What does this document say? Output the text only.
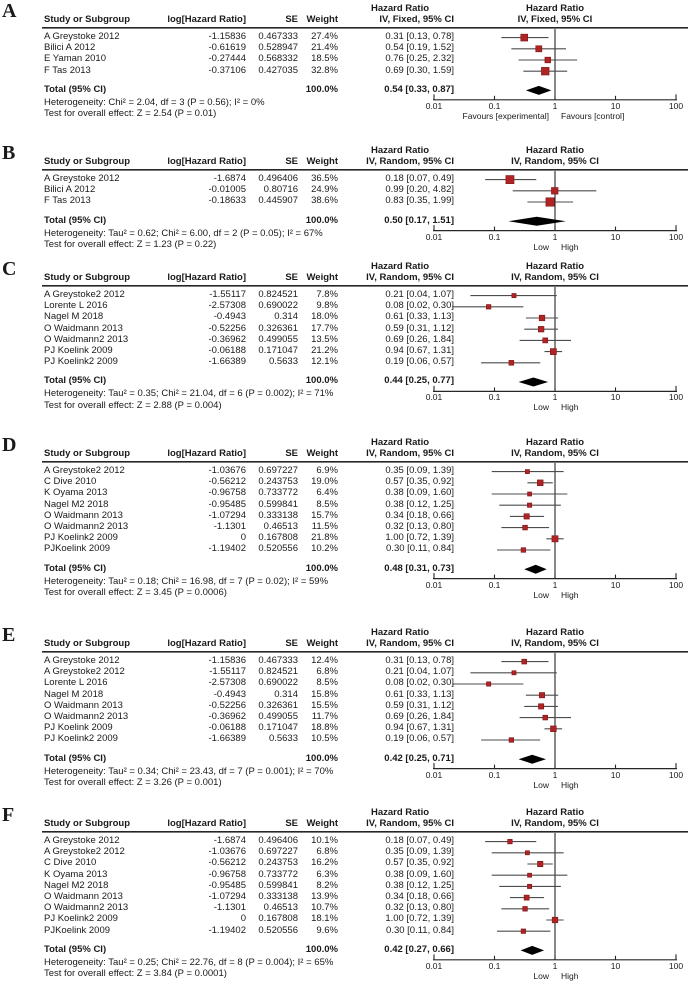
A	Hazard Ratio	Hazard Ratio
Study or Subgroup	log[Hazard Ratio]	SE Weight	IV, Fixed, 95% CI	IV, Fixed, 95% CI
A Greystoke 2012	-1.15836	0.467333	27.4%	0.31 [0.13, 0.78]
Bilici A 2012	-0.61619	0.528947	21.4%	0.54 [0.19, 1.52]
E Yaman 2010	-0.27444	0.568332	18.5%	0.76 [0.25, 2.32]
F Tas 2013	-0.37106	0.427035	32.8%	0.69 [0.30, 1.59]
Total (95% CI)	100.0%	0.54 [0.33, 0.87]
Heterogeneity: Chi² = 2.04, df = 3 (P = 0.56); I² = 0%
Test for overall effect: Z = 2.54 (P = 0.01)
0.01	0.1	1	10	100
Favours [experimental] Favours [control]
B	Hazard Ratio	Hazard Ratio
Study or Subgroup	log[Hazard Ratio]	SE Weight	IV, Random, 95% CI	IV, Random, 95% CI
A Greystoke 2012	-1.6874	0.496406	36.5%	0.18 [0.07, 0.49]
Bilici A 2012	-0.01005	0.80716	24.9%	0.99 [0.20, 4.82]
F Tas 2013	-0.18633	0.445907	38.6%	0.83 [0.35, 1.99]
Total (95% CI)	100.0%	0.50 [0.17, 1.51]
Heterogeneity: Tau² = 0.62; Chi² = 6.00, df = 2 (P = 0.05); I² = 67%
Test for overall effect: Z = 1.23 (P = 0.22)
0.01	0.1	1	10	100
Low High
C	Hazard Ratio	Hazard Ratio
Study or Subgroup	log[Hazard Ratio]	SE Weight	IV, Random, 95% CI	IV, Random, 95% CI
A Greystoke2 2012	-1.55117	0.824521	7.8%	0.21 [0.04, 1.07]
Lorente L 2016	-2.57308	0.690022	9.8%	0.08 [0.02, 0.30]
Nagel M 2018	-0.4943	0.314	18.0%	0.61 [0.33, 1.13]
O Waidmann 2013	-0.52256	0.326361	17.7%	0.59 [0.31, 1.12]
O Waidmann2 2013	-0.36962	0.499055	13.5%	0.69 [0.26, 1.84]
PJ Koelink 2009	-0.06188	0.171047	21.2%	0.94 [0.67, 1.31]
PJ Koelink2 2009	-1.66389	0.5633	12.1%	0.19 [0.06, 0.57]
Total (95% CI)	100.0%	0.44 [0.25, 0.77]
Heterogeneity: Tau² = 0.35; Chi² = 21.04, df = 6 (P = 0.002); I² = 71%
Test for overall effect: Z = 2.88 (P = 0.004)
0.01	0.1	1	10	100
Low High
D	Hazard Ratio	Hazard Ratio
Study or Subgroup	log[Hazard Ratio]	SE Weight	IV, Random, 95% CI	IV, Random, 95% CI
A Greystoke2 2012	-1.03676	0.697227	6.9%	0.35 [0.09, 1.39]
C Dive 2010	-0.56212	0.243753	19.0%	0.57 [0.35, 0.92]
K Oyama 2013	-0.96758	0.733772	6.4%	0.38 [0.09, 1.60]
Nagel M2 2018	-0.95485	0.599841	8.5%	0.38 [0.12, 1.25]
O Waidmann 2013	-1.07294	0.333138	15.7%	0.34 [0.18, 0.66]
O Waidmann2 2013	-1.1301	0.46513	11.5%	0.32 [0.13, 0.80]
PJ Koelink2 2009	0	0.167808	21.8%	1.00 [0.72, 1.39]
PJKoelink 2009	-1.19402	0.520556	10.2%	0.30 [0.11, 0.84]
Total (95% CI)	100.0%	0.48 [0.31, 0.73]
Heterogeneity: Tau² = 0.18; Chi² = 16.98, df = 7 (P = 0.02); I² = 59%
Test for overall effect: Z = 3.45 (P = 0.0006)
0.01	0.1	1	10	100
Low High
E	Hazard Ratio	Hazard Ratio
Study or Subgroup	log[Hazard Ratio]	SE Weight	IV, Random, 95% CI	IV, Random, 95% CI
A Greystoke 2012	-1.15836	0.467333	12.4%	0.31 [0.13, 0.78]
A Greystoke2 2012	-1.55117	0.824521	6.8%	0.21 [0.04, 1.07]
Lorente L 2016	-2.57308	0.690022	8.5%	0.08 [0.02, 0.30]
Nagel M 2018	-0.4943	0.314	15.8%	0.61 [0.33, 1.13]
O Waidmann 2013	-0.52256	0.326361	15.5%	0.59 [0.31, 1.12]
O Waidmann2 2013	-0.36962	0.499055	11.7%	0.69 [0.26, 1.84]
PJ Koelink 2009	-0.06188	0.171047	18.8%	0.94 [0.67, 1.31]
PJ Koelink2 2009	-1.66389	0.5633	10.5%	0.19 [0.06, 0.57]
Total (95% CI)	100.0%	0.42 [0.25, 0.71]
Heterogeneity: Tau² = 0.34; Chi² = 23.43, df = 7 (P = 0.001); I² = 70%
Test for overall effect: Z = 3.26 (P = 0.001)
0.01	0.1	1	10	100
Low High
F	Hazard Ratio	Hazard Ratio
Study or Subgroup	log[Hazard Ratio]	SE Weight	IV, Random, 95% CI	IV, Random, 95% CI
A Greystoke 2012	-1.6874	0.496406	10.1%	0.18 [0.07, 0.49]
A Greystoke2 2012	-1.03676	0.697227	6.8%	0.35 [0.09, 1.39]
C Dive 2010	-0.56212	0.243753	16.2%	0.57 [0.35, 0.92]
K Oyama 2013	-0.96758	0.733772	6.3%	0.38 [0.09, 1.60]
Nagel M2 2018	-0.95485	0.599841	8.2%	0.38 [0.12, 1.25]
O Waidmann 2013	-1.07294	0.333138	13.9%	0.34 [0.18, 0.66]
O Waidmann2 2013	-1.1301	0.46513	10.7%	0.32 [0.13, 0.80]
PJ Koelink2 2009	0	0.167808	18.1%	1.00 [0.72, 1.39]
PJKoelink 2009	-1.19402	0.520556	9.6%	0.30 [0.11, 0.84]
Total (95% CI)	100.0%	0.42 [0.27, 0.66]
Heterogeneity: Tau² = 0.25; Chi² = 22.76, df = 8 (P = 0.004); I² = 65%
Test for overall effect: Z = 3.84 (P = 0.0001)
0.01	0.1	1	10	100
Low High
